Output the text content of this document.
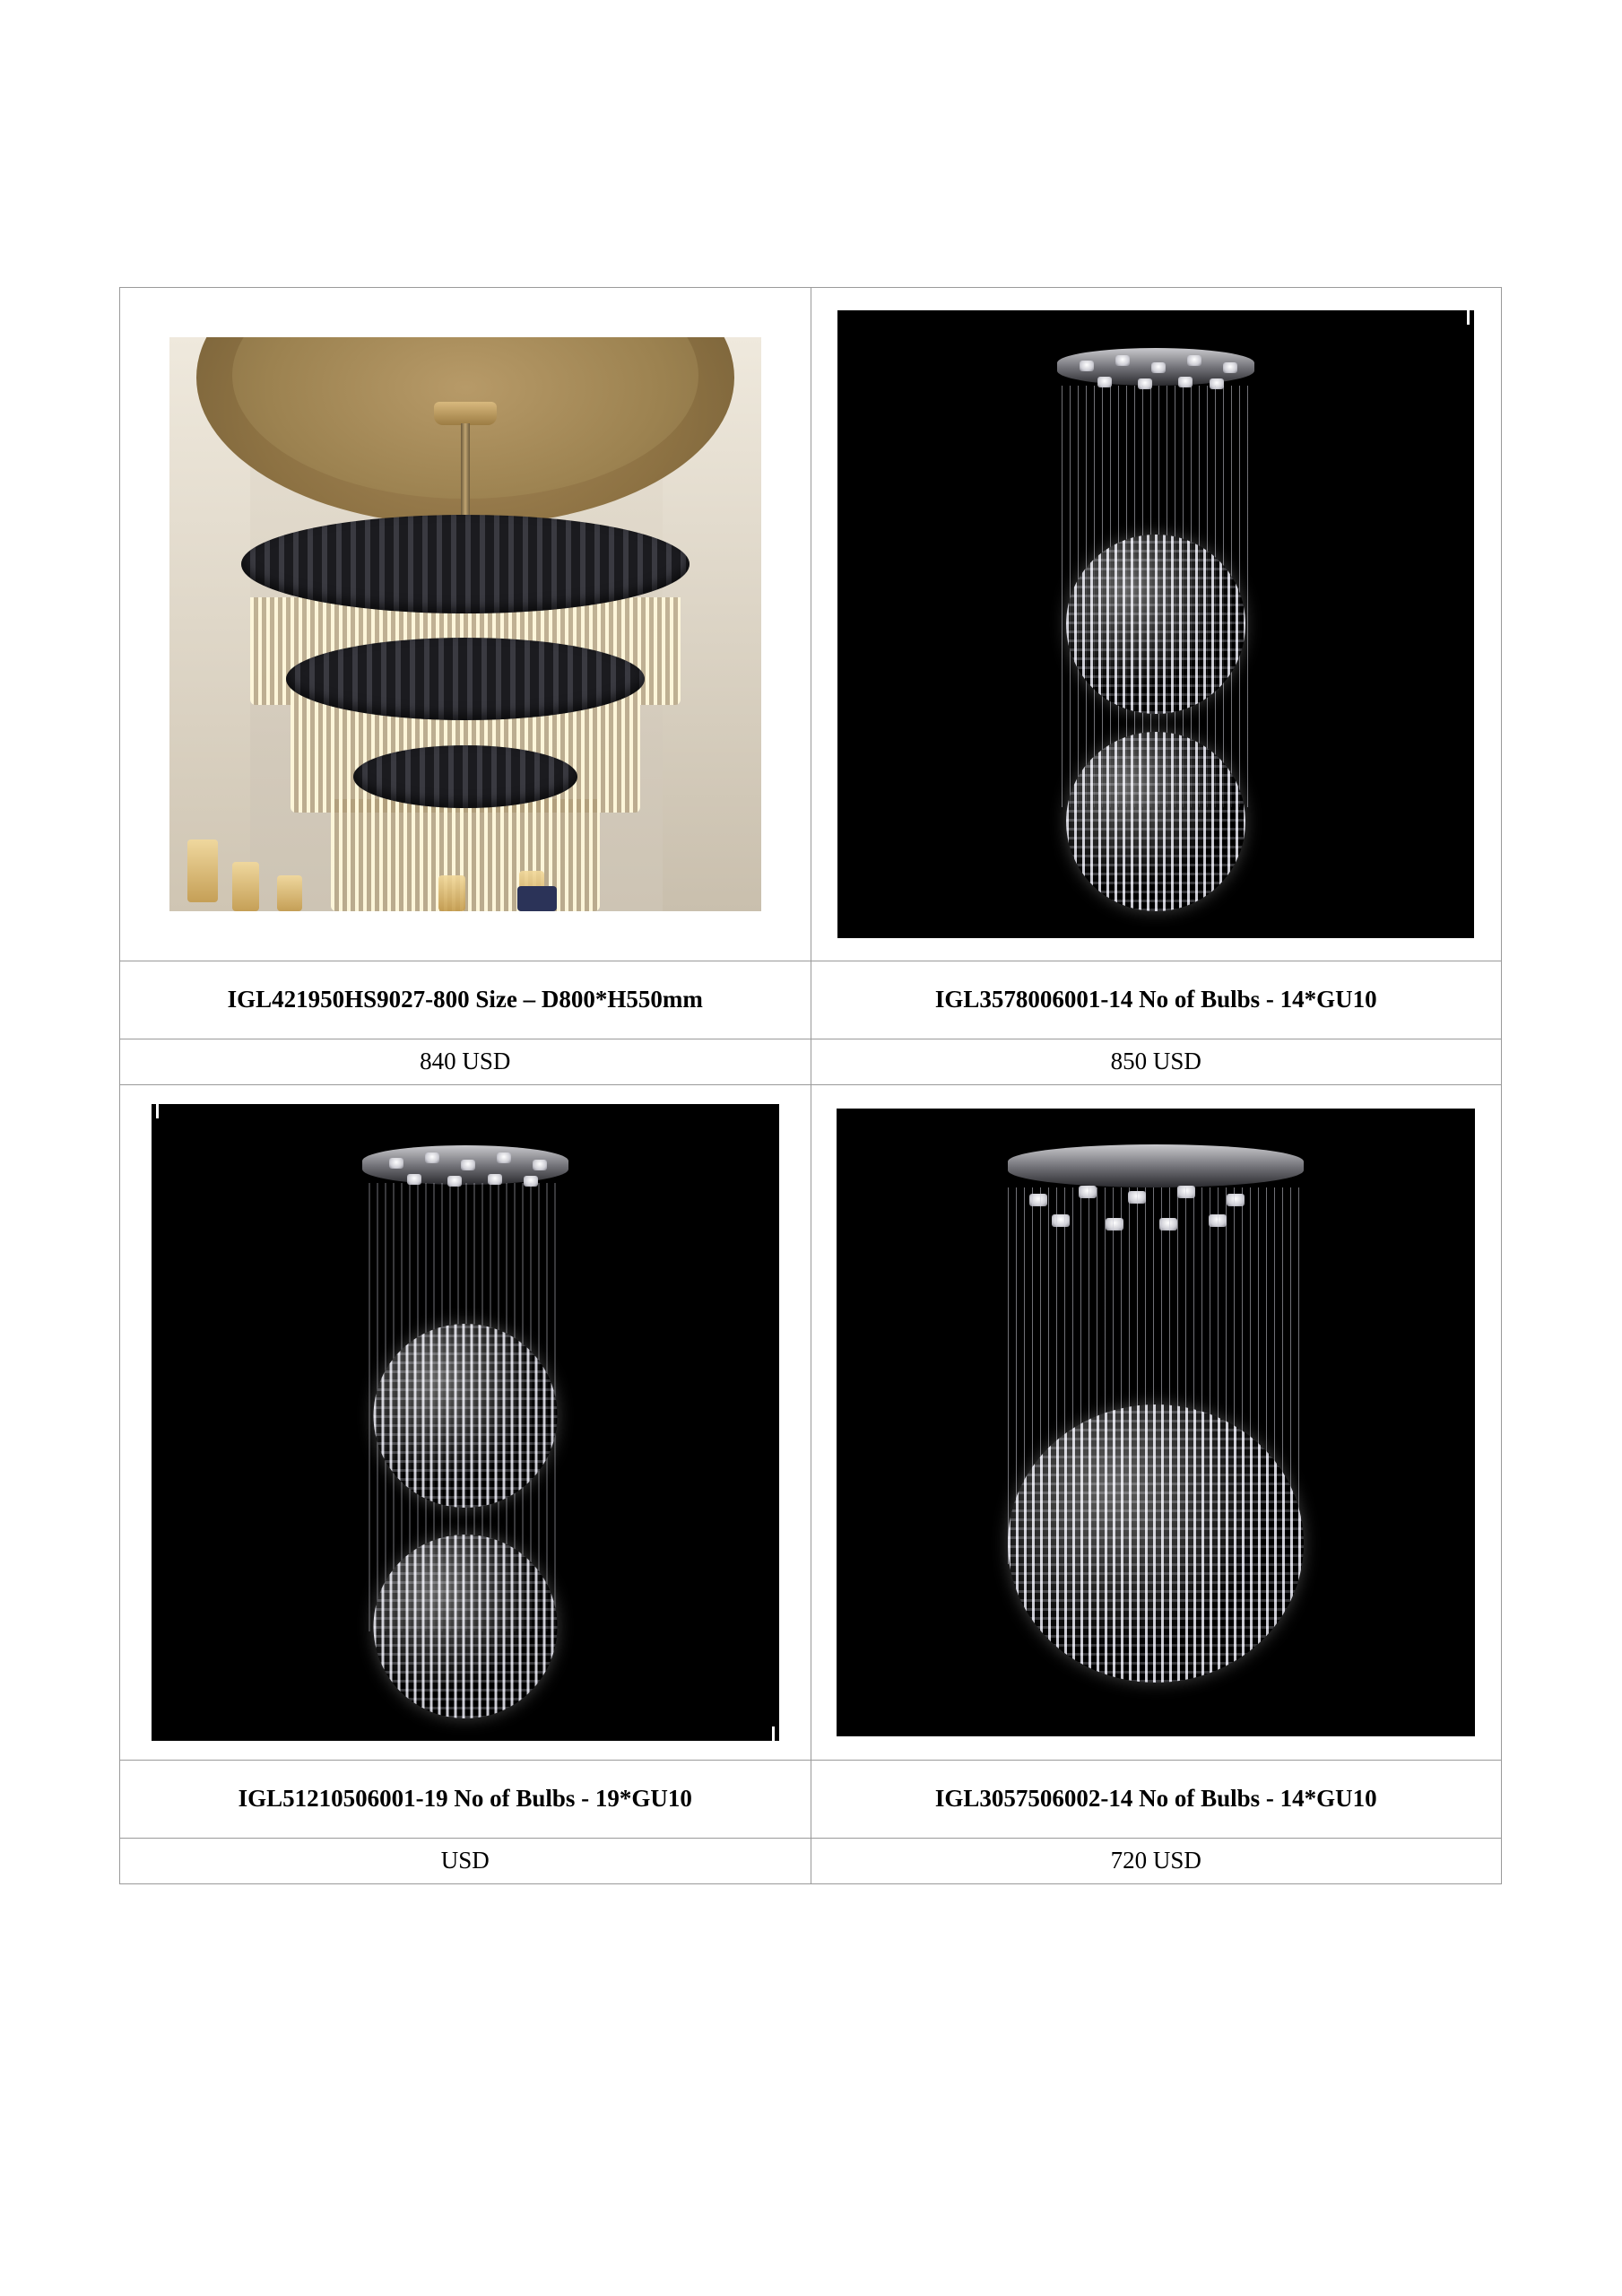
IGL421950HS9027-800 Size – D800*H550mm	IGL3578006001-14 No of Bulbs - 14*GU10
840 USD	850 USD

IGL51210506001-19 No of Bulbs - 19*GU10	IGL3057506002-14 No of Bulbs - 14*GU10
USD	720 USD
